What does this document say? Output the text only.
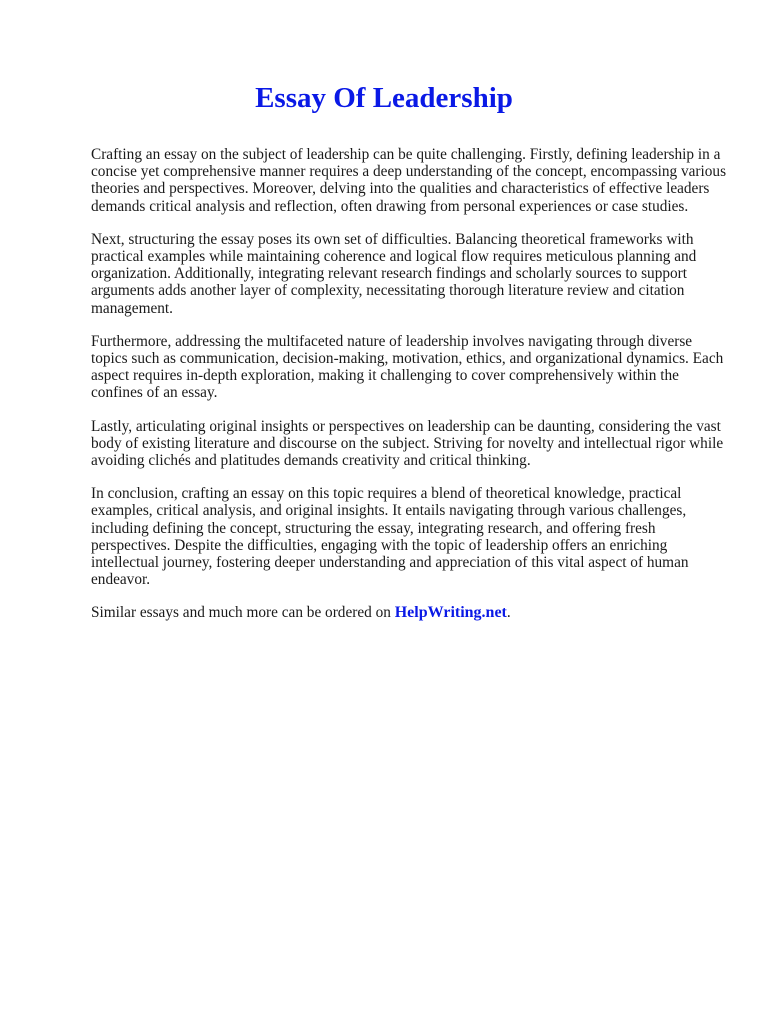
Essay Of Leadership

Crafting an essay on the subject of leadership can be quite challenging. Firstly, defining leadership in a concise yet comprehensive manner requires a deep understanding of the concept, encompassing various theories and perspectives. Moreover, delving into the qualities and characteristics of effective leaders demands critical analysis and reflection, often drawing from personal experiences or case studies.

Next, structuring the essay poses its own set of difficulties. Balancing theoretical frameworks with practical examples while maintaining coherence and logical flow requires meticulous planning and organization. Additionally, integrating relevant research findings and scholarly sources to support arguments adds another layer of complexity, necessitating thorough literature review and citation management.

Furthermore, addressing the multifaceted nature of leadership involves navigating through diverse topics such as communication, decision-making, motivation, ethics, and organizational dynamics. Each aspect requires in-depth exploration, making it challenging to cover comprehensively within the confines of an essay.

Lastly, articulating original insights or perspectives on leadership can be daunting, considering the vast body of existing literature and discourse on the subject. Striving for novelty and intellectual rigor while avoiding clichés and platitudes demands creativity and critical thinking.

In conclusion, crafting an essay on this topic requires a blend of theoretical knowledge, practical examples, critical analysis, and original insights. It entails navigating through various challenges, including defining the concept, structuring the essay, integrating research, and offering fresh perspectives. Despite the difficulties, engaging with the topic of leadership offers an enriching intellectual journey, fostering deeper understanding and appreciation of this vital aspect of human endeavor.

Similar essays and much more can be ordered on HelpWriting.net.
